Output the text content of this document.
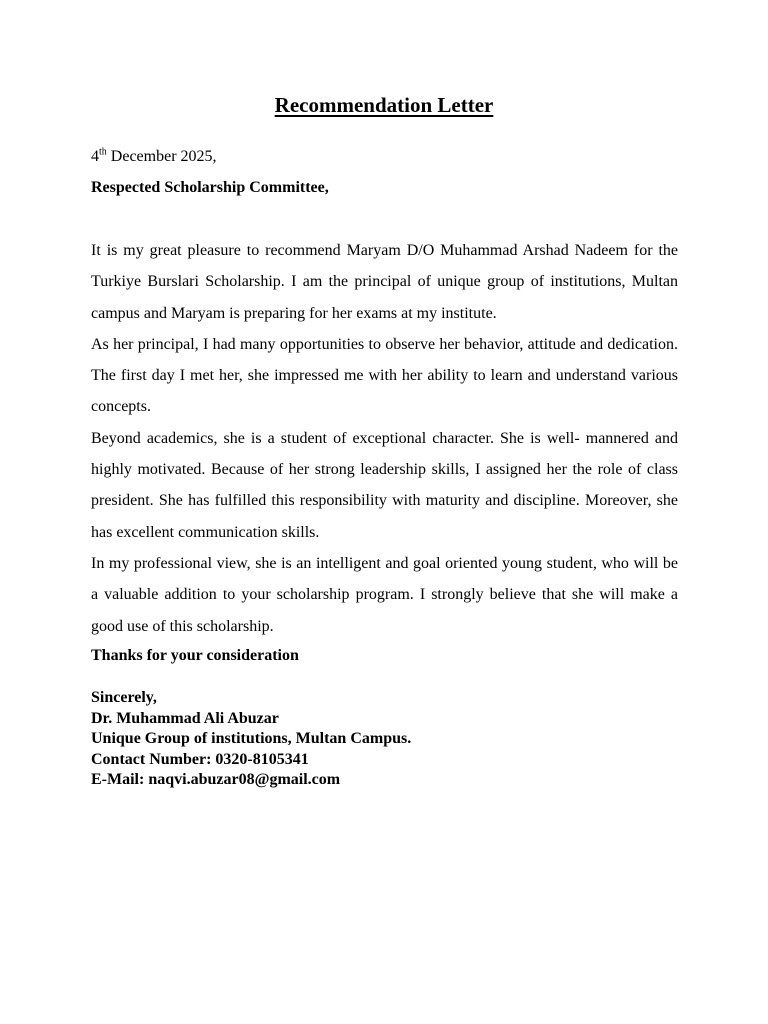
Recommendation Letter
4th December 2025,
Respected Scholarship Committee,

It is my great pleasure to recommend Maryam D/O Muhammad Arshad Nadeem for the Turkiye Burslari Scholarship. I am the principal of unique group of institutions, Multan campus and Maryam is preparing for her exams at my institute.

As her principal, I had many opportunities to observe her behavior, attitude and dedication. The first day I met her, she impressed me with her ability to learn and understand various concepts.

Beyond academics, she is a student of exceptional character. She is well- mannered and highly motivated. Because of her strong leadership skills, I assigned her the role of class president. She has fulfilled this responsibility with maturity and discipline. Moreover, she has excellent communication skills.

In my professional view, she is an intelligent and goal oriented young student, who will be a valuable addition to your scholarship program. I strongly believe that she will make a good use of this scholarship.

Thanks for your consideration
Sincerely,
Dr. Muhammad Ali Abuzar
Unique Group of institutions, Multan Campus.
Contact Number: 0320-8105341
E-Mail: naqvi.abuzar08@gmail.com
